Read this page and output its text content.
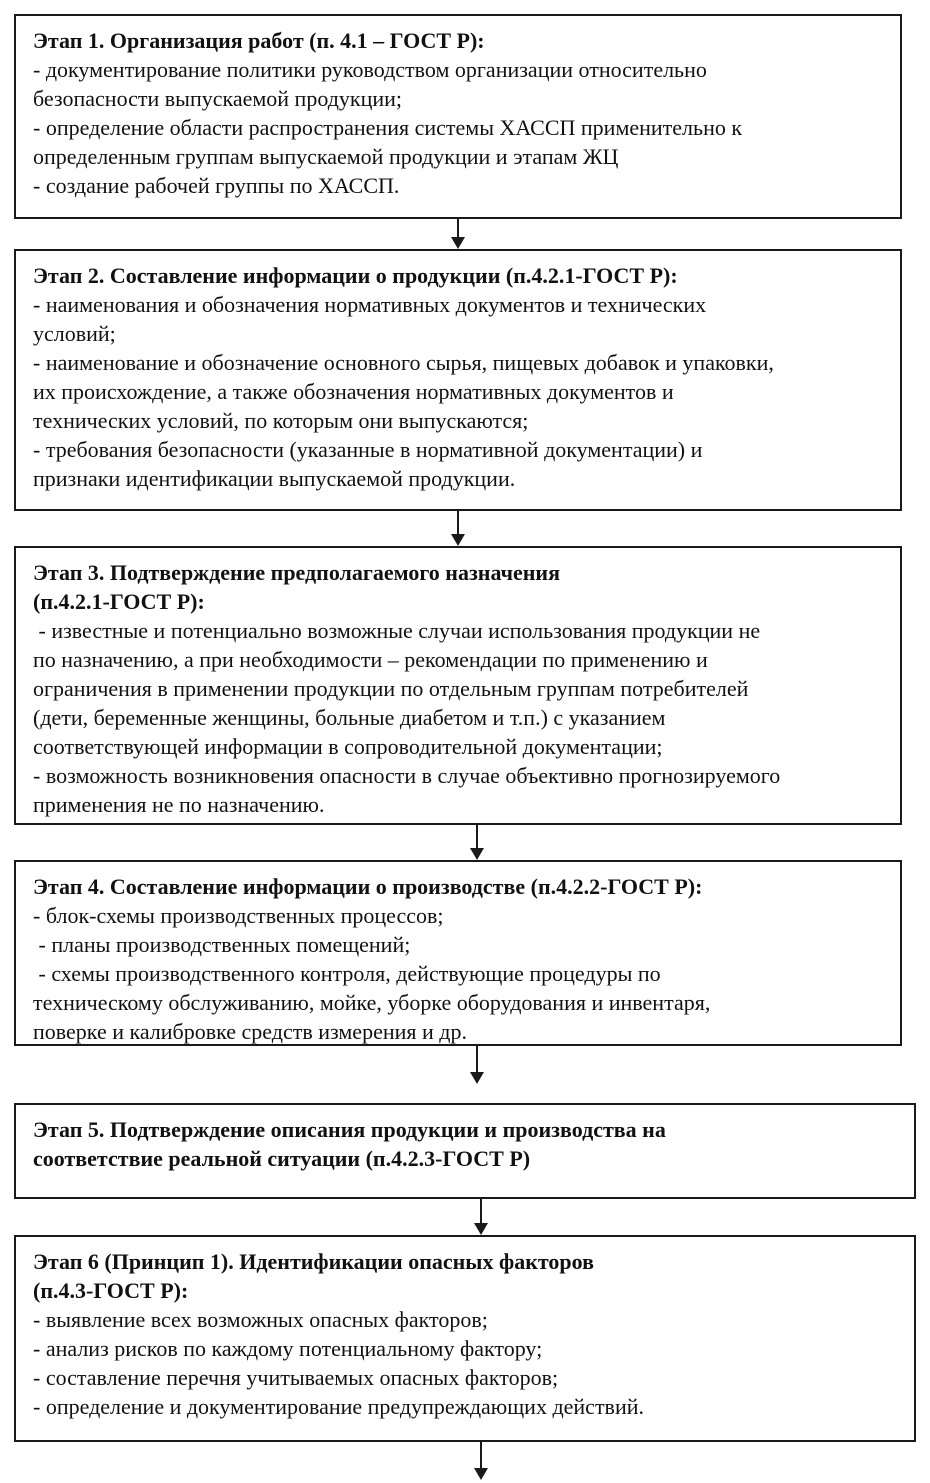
Этап 1. Организация работ (п. 4.1 – ГОСТ Р):
- документирование политики руководством организации относительно
безопасности выпускаемой продукции;
- определение области распространения системы ХАССП применительно к
определенным группам выпускаемой продукции и этапам ЖЦ
- создание рабочей группы по ХАССП.
Этап 2. Составление информации о продукции (п.4.2.1-ГОСТ Р):
- наименования и обозначения нормативных документов и технических
условий;
- наименование и обозначение основного сырья, пищевых добавок и упаковки,
их происхождение, а также обозначения нормативных документов и
технических условий, по которым они выпускаются;
- требования безопасности (указанные в нормативной документации) и
признаки идентификации выпускаемой продукции.
Этап 3. Подтверждение предполагаемого назначения
(п.4.2.1-ГОСТ Р):
- известные и потенциально возможные случаи использования продукции не
по назначению, а при необходимости – рекомендации по применению и
ограничения в применении продукции по отдельным группам потребителей
(дети, беременные женщины, больные диабетом и т.п.) с указанием
соответствующей информации в сопроводительной документации;
- возможность возникновения опасности в случае объективно прогнозируемого
применения не по назначению.
Этап 4. Составление информации о производстве (п.4.2.2-ГОСТ Р):
- блок-схемы производственных процессов;
- планы производственных помещений;
- схемы производственного контроля, действующие процедуры по
техническому обслуживанию, мойке, уборке оборудования и инвентаря,
поверке и калибровке средств измерения и др.
Этап 5. Подтверждение описания продукции и производства на
соответствие реальной ситуации (п.4.2.3-ГОСТ Р)
Этап 6 (Принцип 1). Идентификации опасных факторов
(п.4.3-ГОСТ Р):
- выявление всех возможных опасных факторов;
- анализ рисков по каждому потенциальному фактору;
- составление перечня учитываемых опасных факторов;
- определение и документирование предупреждающих действий.
